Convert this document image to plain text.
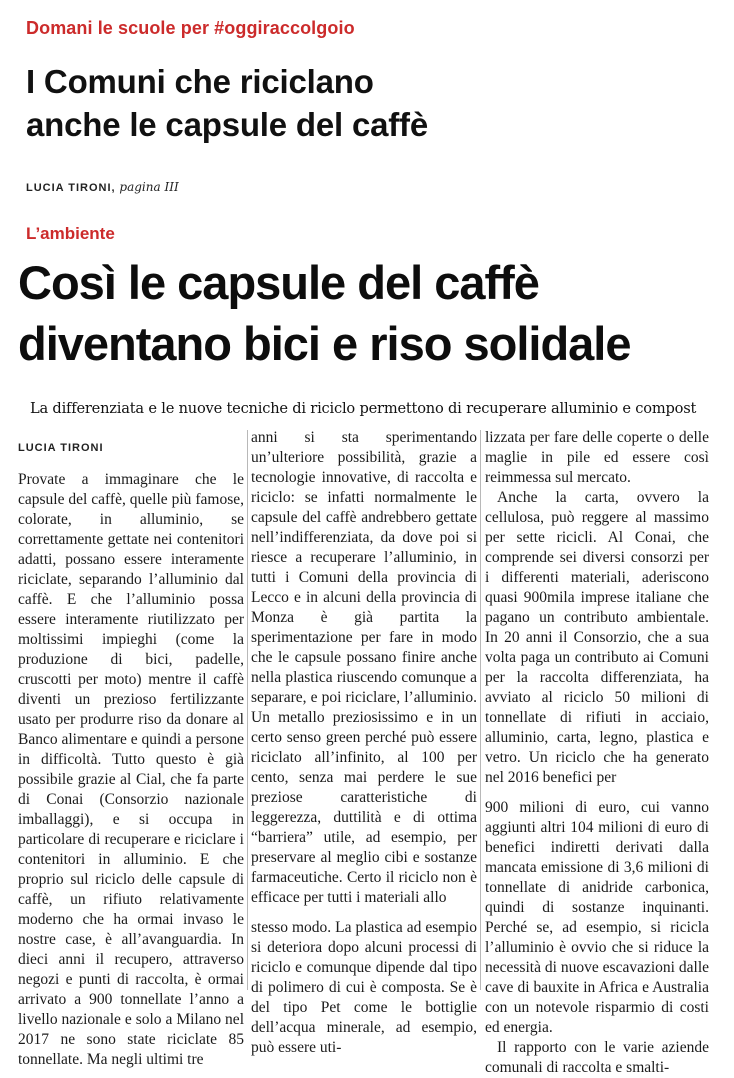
Domani le scuole per #oggiraccolgoio
I Comuni che riciclano
anche le capsule del caffè
LUCIA TIRONI, pagina III
L’ambiente
Così le capsule del caffè
diventano bici e riso solidale
La differenziata e le nuove tecniche di riciclo permettono di recuperare alluminio e compost
LUCIA TIRONI

Provate a immaginare che le capsule del caffè, quelle più famose, colorate, in alluminio, se correttamente gettate nei contenitori adatti, possano essere interamente riciclate, separando l’alluminio dal caffè. E che l’alluminio possa essere interamente riutilizzato per moltissimi impieghi (come la produzione di bici, padelle, cruscotti per moto) mentre il caffè diventi un prezioso fertilizzante usato per produrre riso da donare al Banco alimentare e quindi a persone in difficoltà. Tutto questo è già possibile grazie al Cial, che fa parte di Conai (Consorzio nazionale imballaggi), e si occupa in particolare di recuperare e riciclare i contenitori in alluminio. E che proprio sul riciclo delle capsule di caffè, un rifiuto relativamente moderno che ha ormai invaso le nostre case, è all’avanguardia. In dieci anni il recupero, attraverso negozi e punti di raccolta, è ormai arrivato a 900 tonnellate l’anno a livello nazionale e solo a Milano nel 2017 ne sono state riciclate 85 tonnellate. Ma negli ultimi tre

anni si sta sperimentando un’ulteriore possibilità, grazie a tecnologie innovative, di raccolta e riciclo: se infatti normalmente le capsule del caffè andrebbero gettate nell’indifferenziata, da dove poi si riesce a recuperare l’alluminio, in tutti i Comuni della provincia di Lecco e in alcuni della provincia di Monza è già partita la sperimentazione per fare in modo che le capsule possano finire anche nella plastica riuscendo comunque a separare, e poi riciclare, l’alluminio. Un metallo preziosissimo e in un certo senso green perché può essere riciclato all’infinito, al 100 per cento, senza mai perdere le sue preziose caratteristiche di leggerezza, duttilità e di ottima “barriera” utile, ad esempio, per preservare al meglio cibi e sostanze farmaceutiche. Certo il riciclo non è efficace per tutti i materiali allo

stesso modo. La plastica ad esempio si deteriora dopo alcuni processi di riciclo e comunque dipende dal tipo di polimero di cui è composta. Se è del tipo Pet come le bottiglie dell’acqua minerale, ad esempio, può essere uti-

lizzata per fare delle coperte o delle maglie in pile ed essere così reimmessa sul mercato.

Anche la carta, ovvero la cellulosa, può reggere al massimo per sette ricicli. Al Conai, che comprende sei diversi consorzi per i differenti materiali, aderiscono quasi 900mila imprese italiane che pagano un contributo ambientale. In 20 anni il Consorzio, che a sua volta paga un contributo ai Comuni per la raccolta differenziata, ha avviato al riciclo 50 milioni di tonnellate di rifiuti in acciaio, alluminio, carta, legno, plastica e vetro. Un riciclo che ha generato nel 2016 benefici per

900 milioni di euro, cui vanno aggiunti altri 104 milioni di euro di benefici indiretti derivati dalla mancata emissione di 3,6 milioni di tonnellate di anidride carbonica, quindi di sostanze inquinanti. Perché se, ad esempio, si ricicla l’alluminio è ovvio che si riduce la necessità di nuove escavazioni dalle cave di bauxite in Africa e Australia con un notevole risparmio di costi ed energia.

Il rapporto con le varie aziende comunali di raccolta e smalti-
